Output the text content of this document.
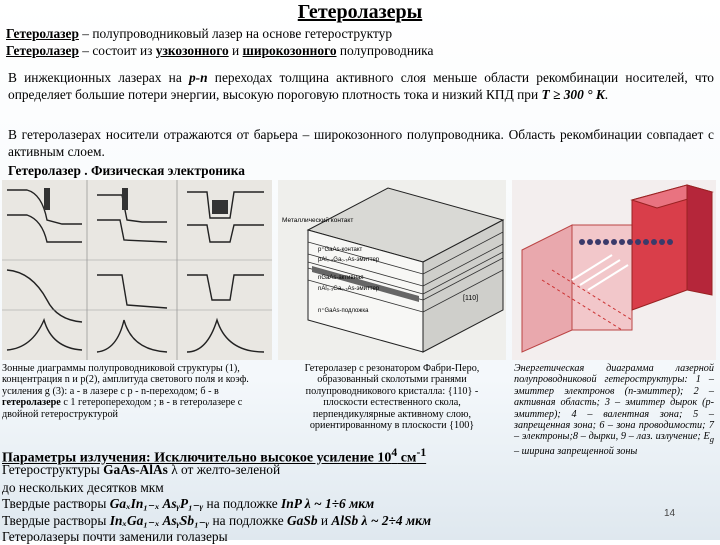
Гетеролазеры
Гетеролазер – полупроводниковый лазер на основе гетероструктур
Гетеролазер – состоит из узкозонного и широкозонного полупроводника
В инжекционных лазерах на p-n переходах толщина активного слоя меньше области рекомбинации носителей, что определяет большие потери энергии, высокую пороговую плотность тока и низкий КПД при T ≥ 300 ° K.
В гетеролазерах носители отражаются от барьера – широкозонного полупроводника. Область рекомбинации совпадает с активным слоем.
Гетеролазер . Физическая электроника
Металлический контакт
p⁺GaAs-контакт
pAl₀.₃Ga₀.₇As-эмиттер
nGaAs-активная
nAl₀.₃Ga₀.₇As-эмиттер
n⁺GaAs-подложка
[110]
Зонные диаграммы полупроводниковой структуры (1), концентрация n и p(2), амплитуда светового поля и коэф. усиления g (3): а - в лазере с p - n-переходом; б - в гетеролазере с 1 гетеропереходом ; в - в гетеролазере с двойной гетероструктурой
Гетеролазер с резонатором Фабри-Перо, образованный сколотыми гранями полупроводникового кристалла: {110} - плоскости естественного скола, перпендикулярные активному слою, ориентированному в плоскости {100}
Энергетическая диаграмма лазерной полупроводниковой гетероструктуры: 1 – эмиттер электронов (n-эмиттер); 2 – активная область; 3 – эмиттер дырок (p-эмиттер); 4 – валентная зона; 5 – запрещенная зона; 6 – зона проводимости; 7 – электроны;8 – дырки, 9 – лаз. излучение; $E_g$ – ширина запрещенной зоны
Параметры излучения: Исключительно высокое усиление $10^4$ $см^{-1}$
Гетероструктуры GaAs-AlAs λ от желто-зеленой
до нескольких десятков мкм
Твердые растворы GaₓIn₁₋ₓ AsᵧP₁₋ᵧ на подложке InP λ ~ 1÷6 мкм
Твердые растворы InₓGa₁₋ₓ AsᵧSb₁₋ᵧ на подложке GaSb и AlSb λ ~ 2÷4 мкм
Гетеролазеры почти заменили голазеры
14
